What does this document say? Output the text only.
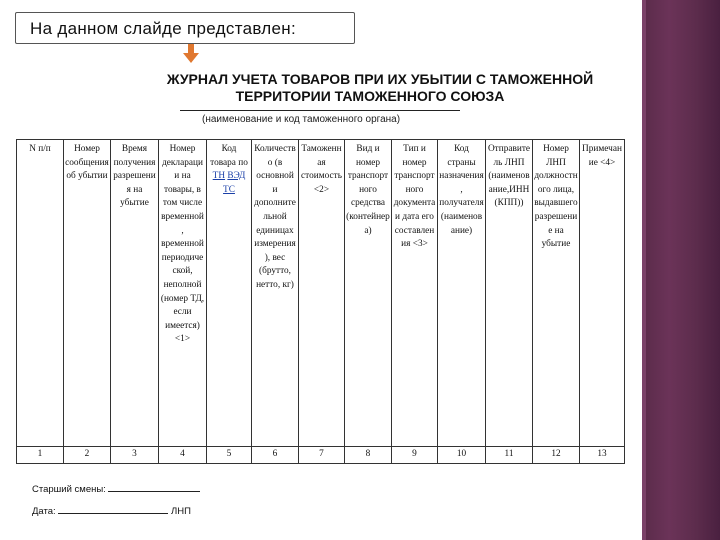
На данном слайде представлен:
ЖУРНАЛ УЧЕТА ТОВАРОВ ПРИ ИХ УБЫТИИ С ТАМОЖЕННОЙ
ТЕРРИТОРИИ ТАМОЖЕННОГО СОЮЗА
(наименование и код таможенного органа)
N п/п	Номер сообщения об убытии	Время получения разрешения на убытие	Номер декларации на товары, в том числе временной, временной периодической, неполной (номер ТД, если имеется) <1>	Код товара по ТН ВЭД ТС	Количество (в основной и дополнительной единицах измерения), вес (брутто, нетто, кг)	Таможенная стоимость <2>	Вид и номер транспортного средства (контейнера)	Тип и номер транспортного документа и дата его составления <3>	Код страны назначения, получателя (наименование)	Отправитель ЛНП (наименование,ИНН (КПП))	Номер ЛНП должностного лица, выдавшего разрешение на убытие	Примечание <4>
1	2	3	4	5	6	7	8	9	10	11	12	13
Старший смены:
Дата:	ЛНП
